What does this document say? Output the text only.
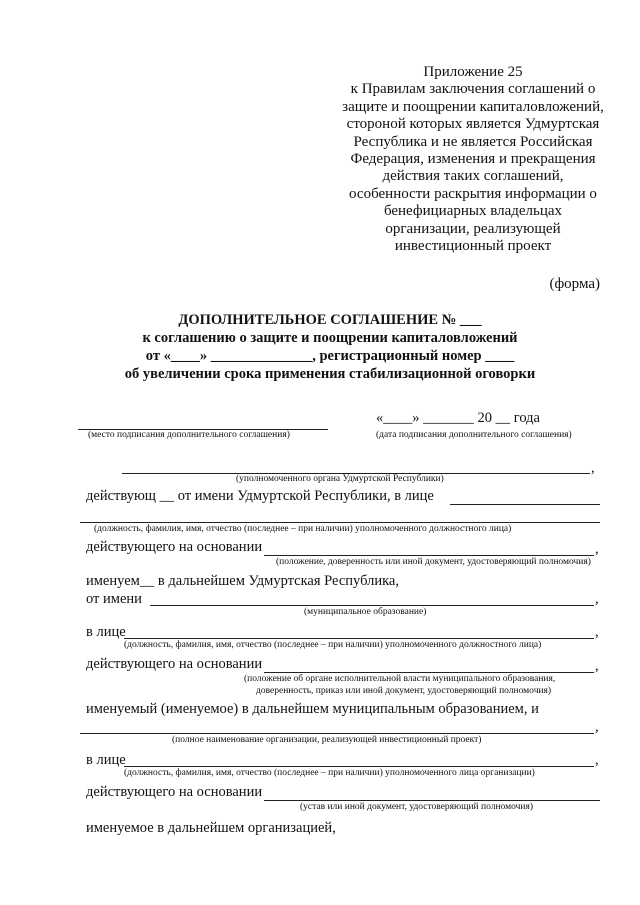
Приложение 25
к Правилам заключения соглашений о
защите и поощрении капиталовложений,
стороной которых является Удмуртская
Республика и не является Российская
Федерация, изменения и прекращения
действия таких соглашений,
особенности раскрытия информации о
бенефициарных владельцах
организации, реализующей
инвестиционный проект
(форма)
ДОПОЛНИТЕЛЬНОЕ СОГЛАШЕНИЕ № ___
к соглашению о защите и поощрении капиталовложений
от «____» ______________, регистрационный номер ____
об увеличении срока применения стабилизационной оговорки
(место подписания дополнительного соглашения)
«____» _______ 20 __ года
(дата подписания дополнительного соглашения)
,
(уполномоченного органа Удмуртской Республики)
действующ __ от имени Удмуртской Республики, в лице
(должность, фамилия, имя, отчество (последнее – при наличии) уполномоченного должностного лица)
действующего на основании	,
(положение, доверенность или иной документ, удостоверяющий полномочия)
именуем__ в дальнейшем Удмуртская Республика,
от имени	,
(муниципальное образование)
в лице	,
(должность, фамилия, имя, отчество (последнее – при наличии) уполномоченного должностного лица)
действующего на основании	,
(положение об органе исполнительной власти муниципального образования,
доверенность, приказ или иной документ, удостоверяющий полномочия)
именуемый (именуемое) в дальнейшем муниципальным образованием, и
,
(полное наименование организации, реализующей инвестиционный проект)
в лице	,
(должность, фамилия, имя, отчество (последнее – при наличии) уполномоченного лица организации)
действующего на основании
(устав или иной документ, удостоверяющий полномочия)
именуемое в дальнейшем организацией,
